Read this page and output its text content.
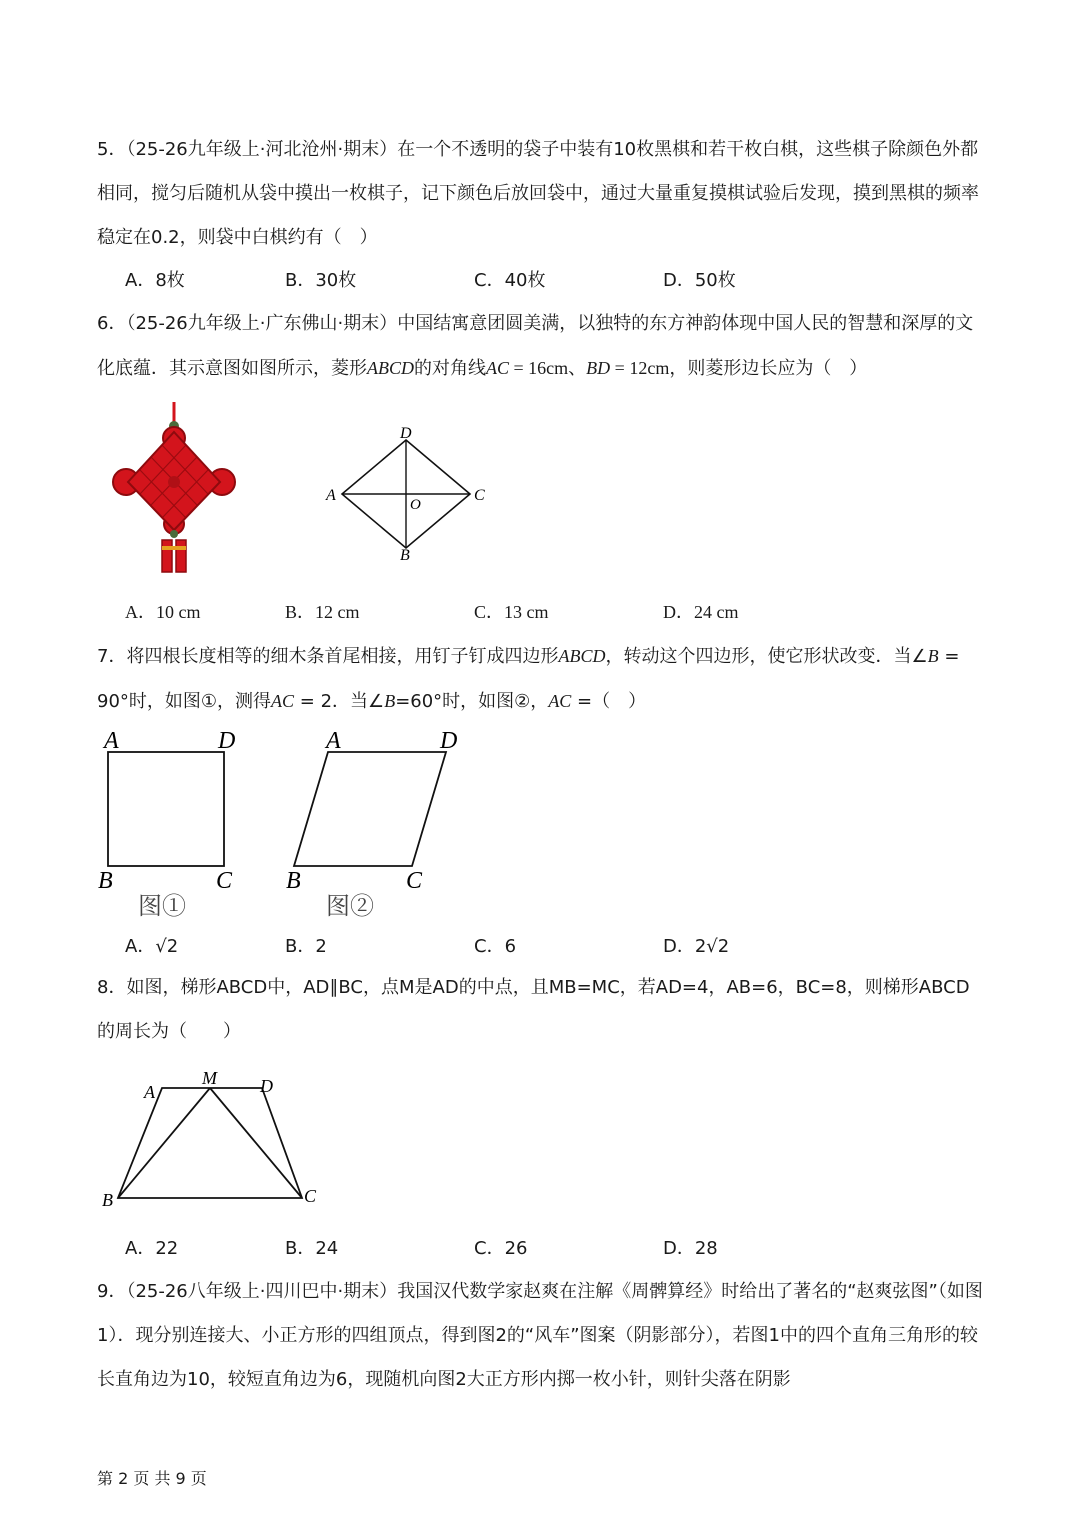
5．（25-26九年级上·河北沧州·期末）在一个不透明的袋子中装有10枚黑棋和若干枚白棋，这些棋子除颜色外都相同，搅匀后随机从袋中摸出一枚棋子，记下颜色后放回袋中，通过大量重复摸棋试验后发现，摸到黑棋的频率稳定在0.2，则袋中白棋约有（　）
A．8枚	B．30枚	C．40枚	D．50枚
6．（25-26九年级上·广东佛山·期末）中国结寓意团圆美满，以独特的东方神韵体现中国人民的智慧和深厚的文化底蕴．其示意图如图所示，菱形ABCD的对角线AC = 16cm、BD = 12cm，则菱形边长应为（　）
D
A	C
B
O
A．10 cm	B．12 cm	C．13 cm	D．24 cm
7．将四根长度相等的细木条首尾相接，用钉子钉成四边形ABCD，转动这个四边形，使它形状改变．当∠B = 90°时，如图①，测得AC = 2．当∠B=60°时，如图②，AC =（　）
A	D
B	C
图①
A	D
B	C
图②
A．√2	B．2	C．6	D．2√2
8．如图，梯形ABCD中，AD∥BC，点M是AD的中点，且MB=MC，若AD=4，AB=6，BC=8，则梯形ABCD的周长为（　　）
A
M D
B	C
A．22	B．24	C．26	D．28
9．（25-26八年级上·四川巴中·期末）我国汉代数学家赵爽在注解《周髀算经》时给出了著名的“赵爽弦图”（如图1）．现分别连接大、小正方形的四组顶点，得到图2的“风车”图案（阴影部分），若图1中的四个直角三角形的较长直角边为10，较短直角边为6，现随机向图2大正方形内掷一枚小针，则针尖落在阴影
第 2 页 共 9 页
